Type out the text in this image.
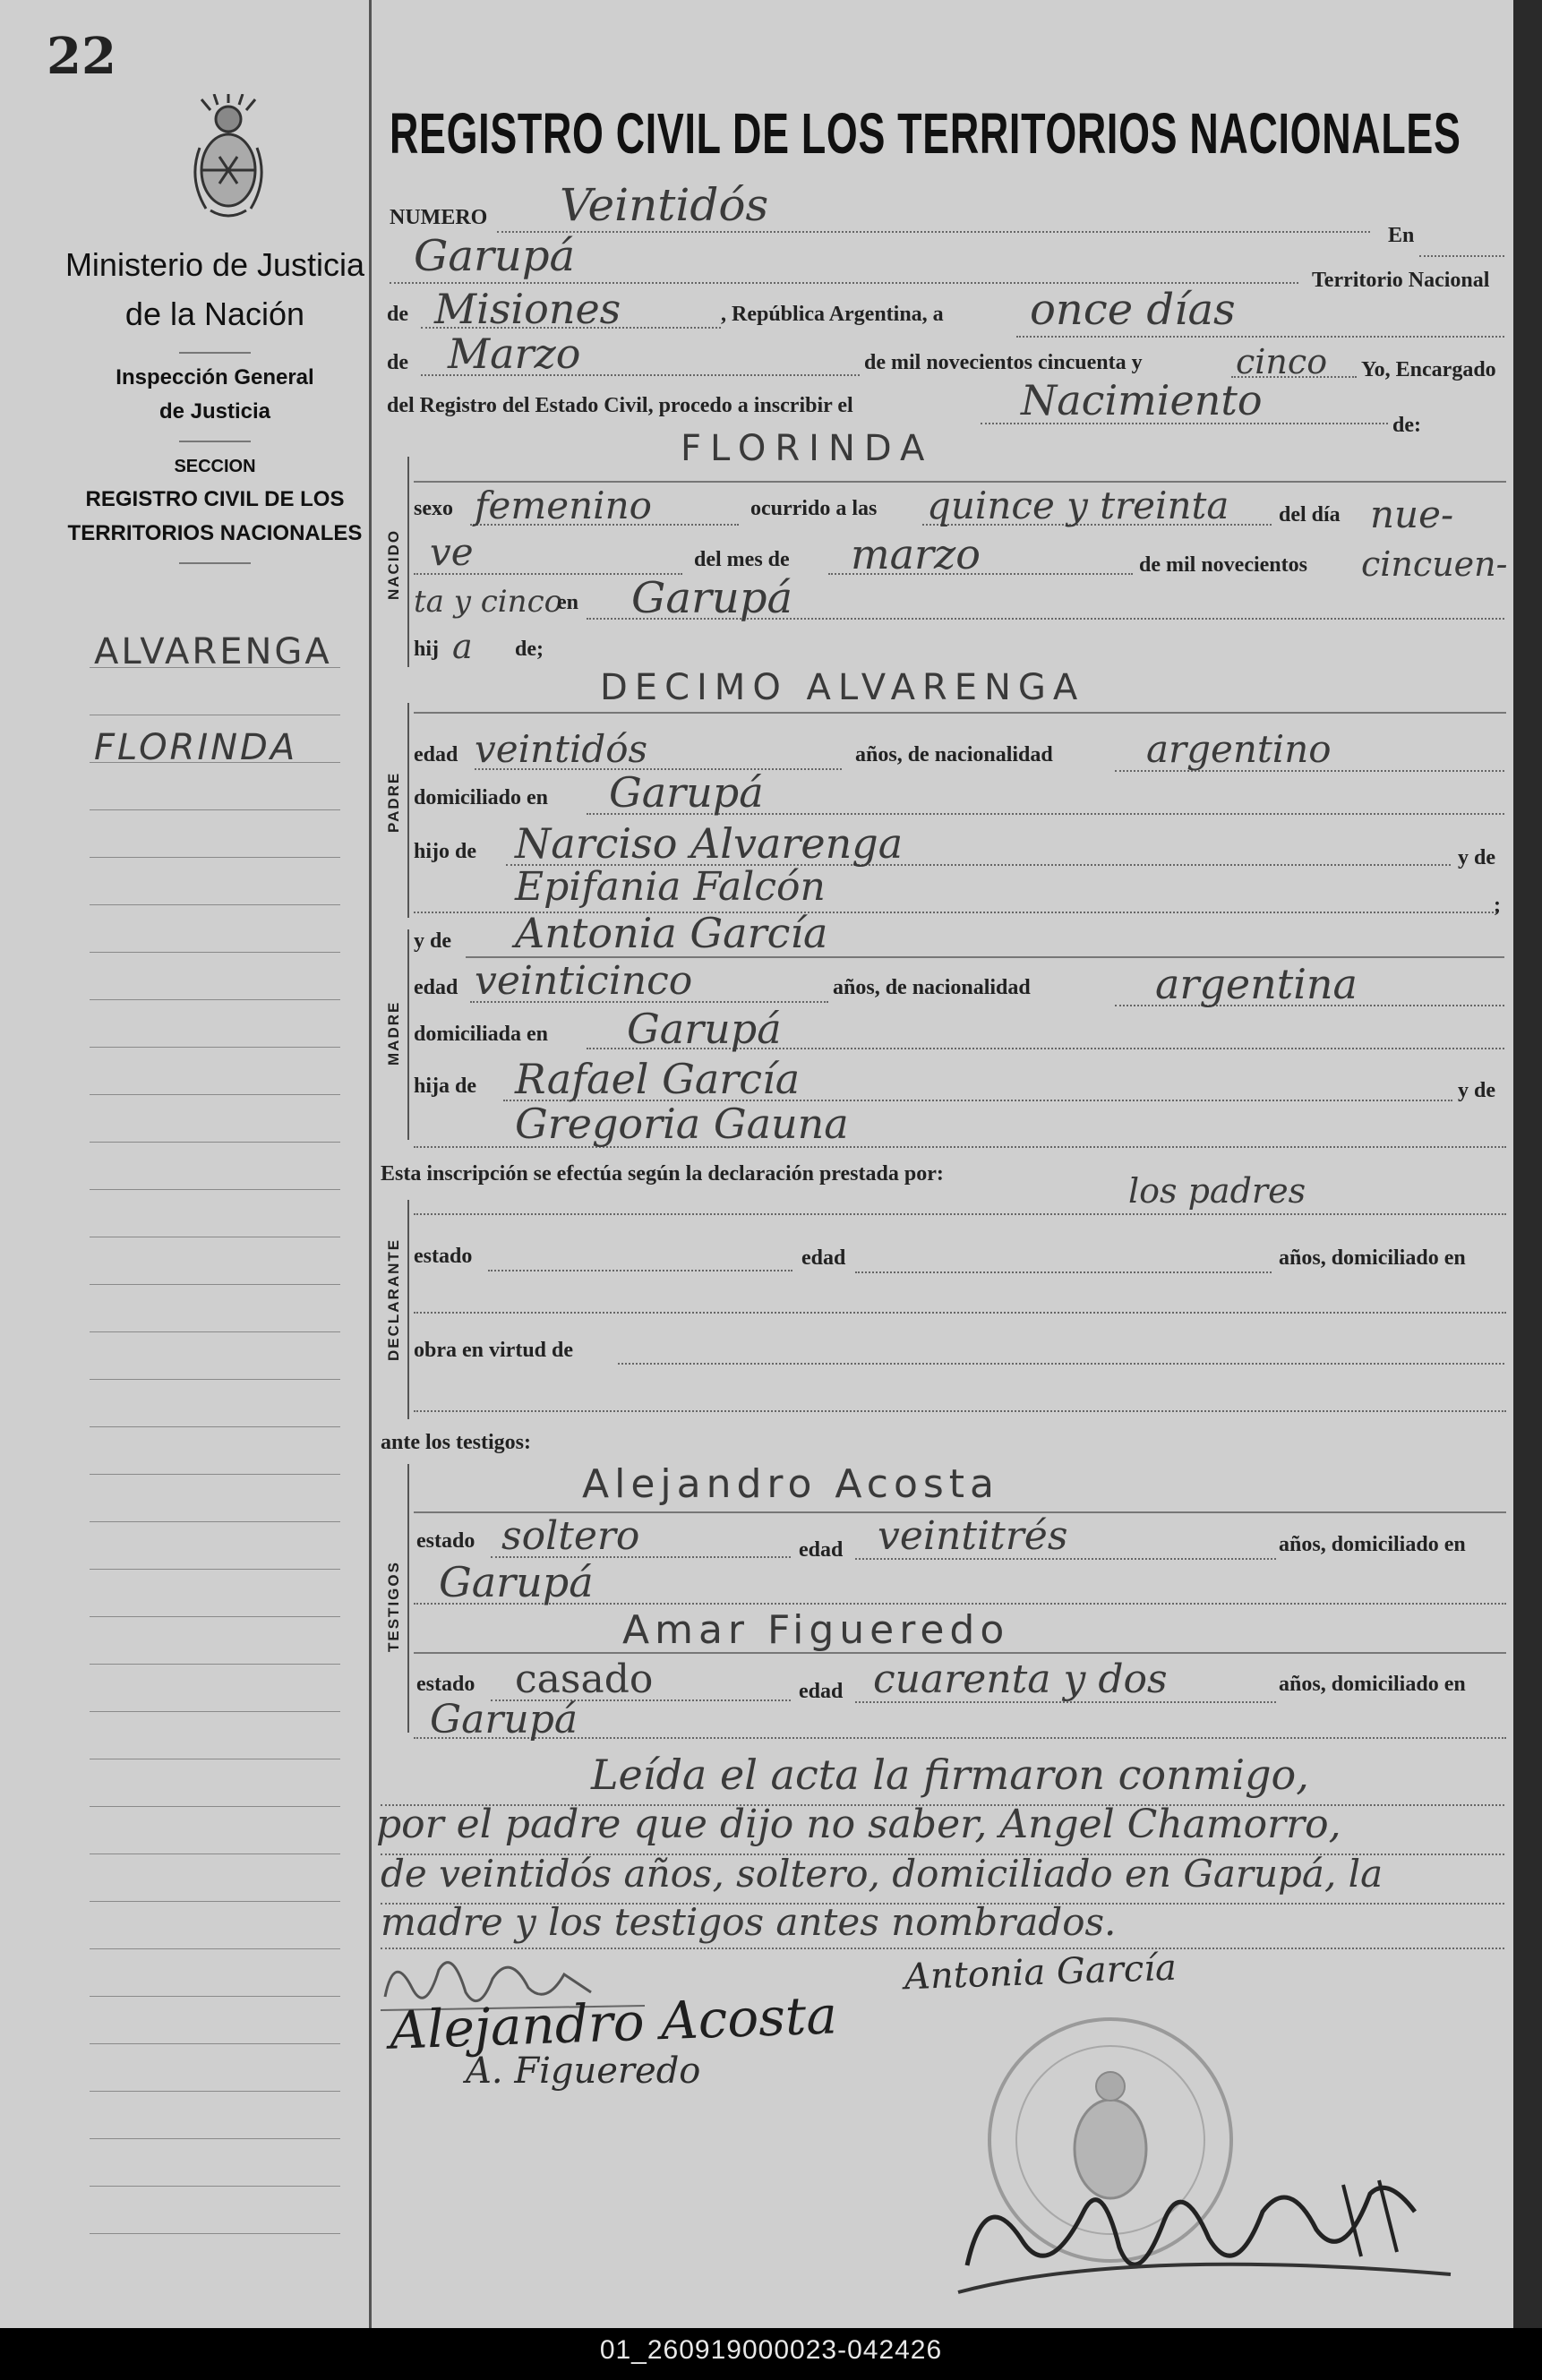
22
Ministerio de Justicia
de la Nación
Inspección General
de Justicia
SECCION
REGISTRO CIVIL DE LOS
TERRITORIOS NACIONALES
ALVARENGA
FLORINDA
REGISTRO CIVIL DE LOS TERRITORIOS NACIONALES
NUMERO Veintidós
En
Garupá	Territorio Nacional
de Misiones	, República Argentina, a once días
de Marzo	de mil novecientos cincuenta y	cinco Yo, Encargado
del Registro del Estado Civil, procedo a inscribir el	Nacimiento
de:
NACIDO
FLORINDA
sexo femenino	ocurrido a las quince y treinta del día nue-
ve	del mes de marzo	de mil novecientos cincuen-
ta y cinco
en Garupá
hij a de;
PADRE
DECIMO ALVARENGA
edad veintidós	años, de nacionalidad argentino
domiciliado en Garupá
hijo de Narciso Alvarenga	y de
Epifania Falcón	;
MADRE
y de Antonia García
edad veinticinco	años, de nacionalidad	argentina
domiciliada en Garupá
hija de Rafael García	y de
Gregoria Gauna
Esta inscripción se efectúa según la declaración prestada por:	los padres
DECLARANTE estado	edad	años, domiciliado en
obra en virtud de
ante los testigos:
TESTIGOS
Alejandro Acosta
estado soltero	edad veintitrés	años, domiciliado en
Garupá
Amar Figueredo
estado casado	edad cuarenta y dos	años, domiciliado en
Garupá
Leída el acta la firmaron conmigo,
por el padre que dijo no saber, Angel Chamorro,
de veintidós años, soltero, domiciliado en Garupá, la
madre y los testigos antes nombrados.
Antonia García
Alejandro Acosta
A. Figueredo
01_260919000023-042426
